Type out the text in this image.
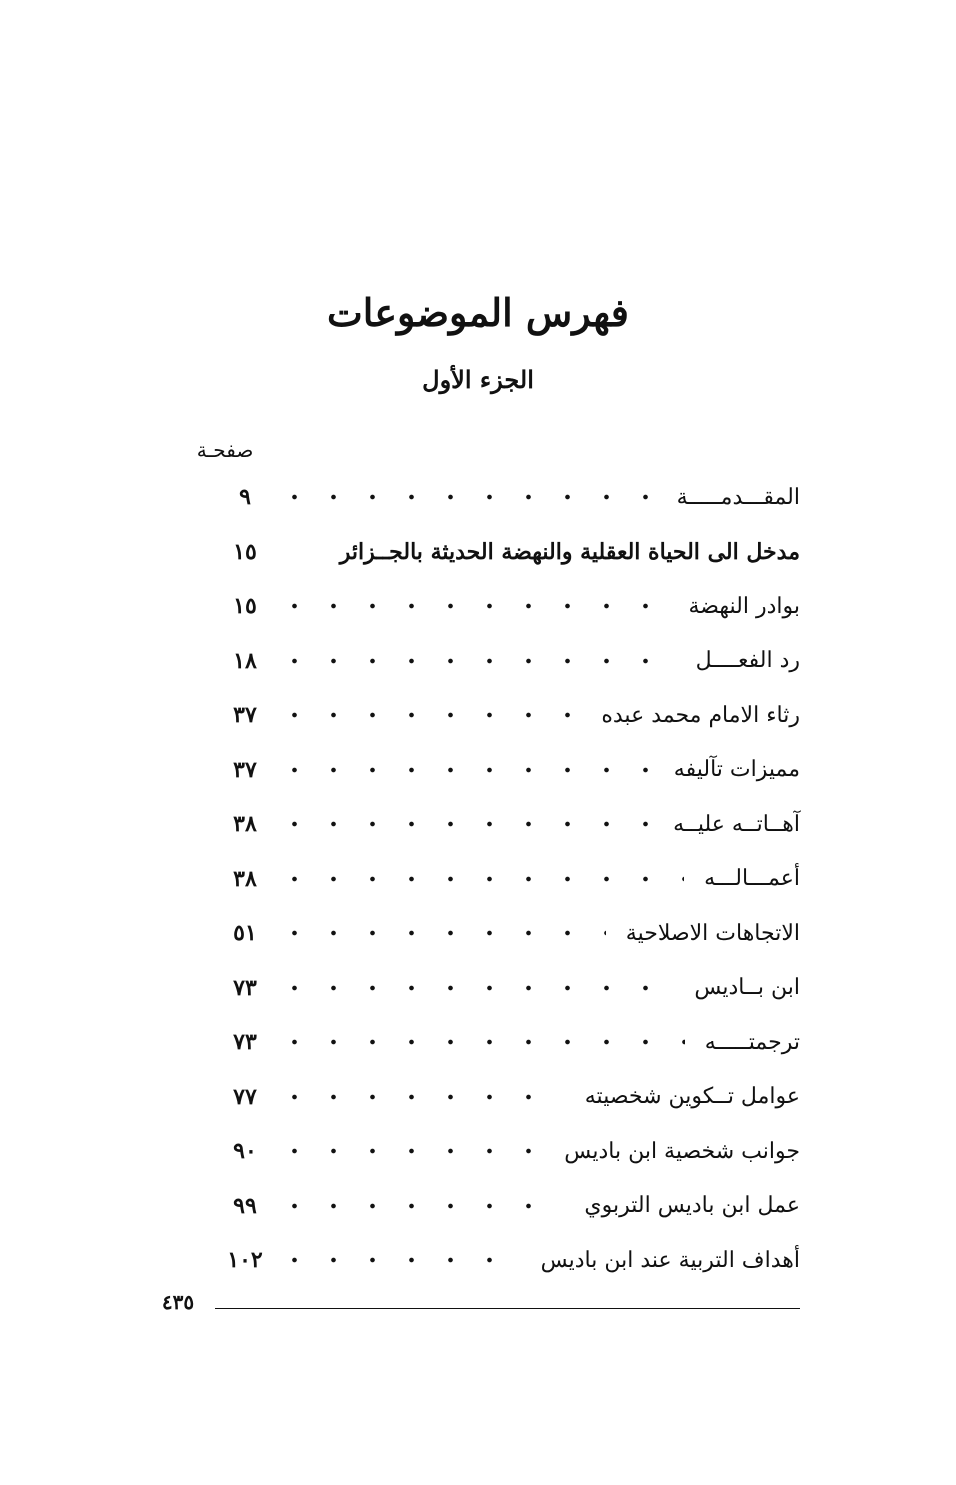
فهرس الموضوعات
الجزء الأول
صفحـة
المقـــدمـــــة
٩
مدخل الى الحياة العقلية والنهضة الحديثة بالجــزائر
١٥
بوادر النهضة
١٥
رد الفعــــل
١٨
رثاء الامام محمد عبده
٣٧
مميزات تآليفه
٣٧
آهــاتــه عليــه
٣٨
أعمـــالـــه
٣٨
الاتجاهات الاصلاحية
٥١
ابن بــاديس
٧٣
ترجمتـــــه
٧٣
عوامل تــكوين شخصيته
٧٧
جوانب شخصية ابن باديس
٩٠
عمل ابن باديس التربوي
٩٩
أهداف التربية عند ابن باديس
١٠٢
٤٣٥
